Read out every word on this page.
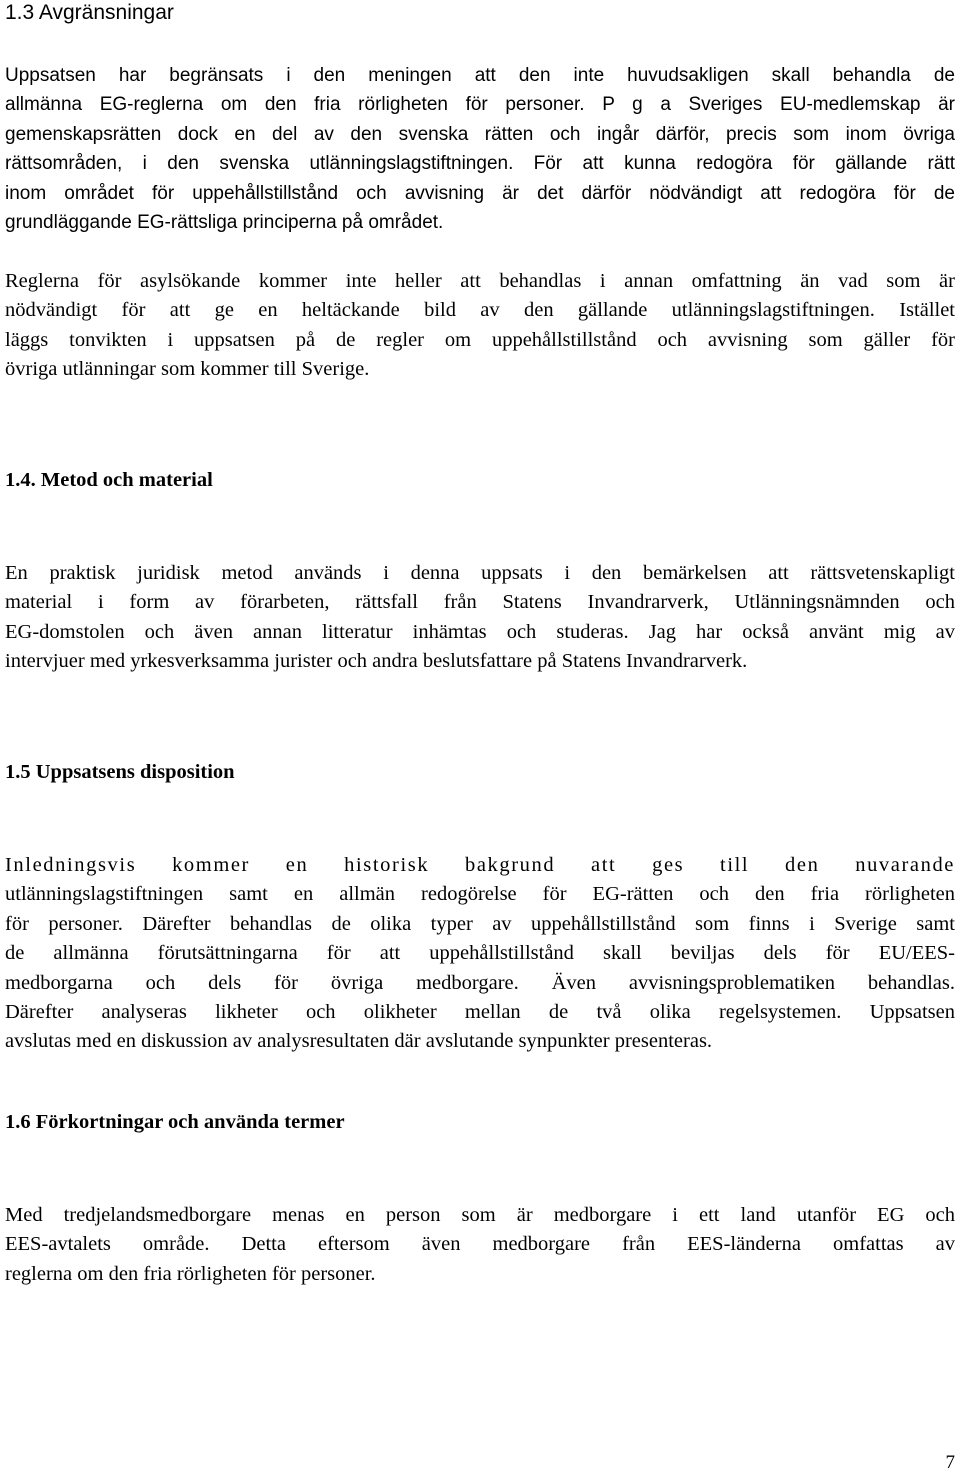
1.3 Avgränsningar
Uppsatsen har begränsats i den meningen att den inte huvudsakligen skall behandla de
allmänna EG-reglerna om den fria rörligheten för personer. P g a Sveriges EU-medlemskap är
gemenskapsrätten dock en del av den svenska rätten och ingår därför, precis som inom övriga
rättsområden, i den svenska utlänningslagstiftningen. För att kunna redogöra för gällande rätt
inom området för uppehållstillstånd och avvisning är det därför nödvändigt att redogöra för de
grundläggande EG-rättsliga principerna på området.
Reglerna för asylsökande kommer inte heller att behandlas i annan omfattning än vad som är
nödvändigt för att ge en heltäckande bild av den gällande utlänningslagstiftningen. Istället
läggs tonvikten i uppsatsen på de regler om uppehållstillstånd och avvisning som gäller för
övriga utlänningar som kommer till Sverige.
1.4. Metod och material
En praktisk juridisk metod används i denna uppsats i den bemärkelsen att rättsvetenskapligt
material i form av förarbeten, rättsfall från Statens Invandrarverk, Utlänningsnämnden och
EG-domstolen och även annan litteratur inhämtas och studeras. Jag har också använt mig av
intervjuer med yrkesverksamma jurister och andra beslutsfattare på Statens Invandrarverk.
1.5 Uppsatsens disposition
Inledningsvis kommer en historisk bakgrund att ges till den nuvarande
utlänningslagstiftningen samt en allmän redogörelse för EG-rätten och den fria rörligheten
för personer. Därefter behandlas de olika typer av uppehållstillstånd som finns i Sverige samt
de allmänna förutsättningarna för att uppehållstillstånd skall beviljas dels för EU/EES-
medborgarna och dels för övriga medborgare. Även avvisningsproblematiken behandlas.
Därefter analyseras likheter och olikheter mellan de två olika regelsystemen. Uppsatsen
avslutas med en diskussion av analysresultaten där avslutande synpunkter presenteras.
1.6 Förkortningar och använda termer
Med tredjelandsmedborgare menas en person som är medborgare i ett land utanför EG och
EES-avtalets område. Detta eftersom även medborgare från EES-länderna omfattas av
reglerna om den fria rörligheten för personer.
7
